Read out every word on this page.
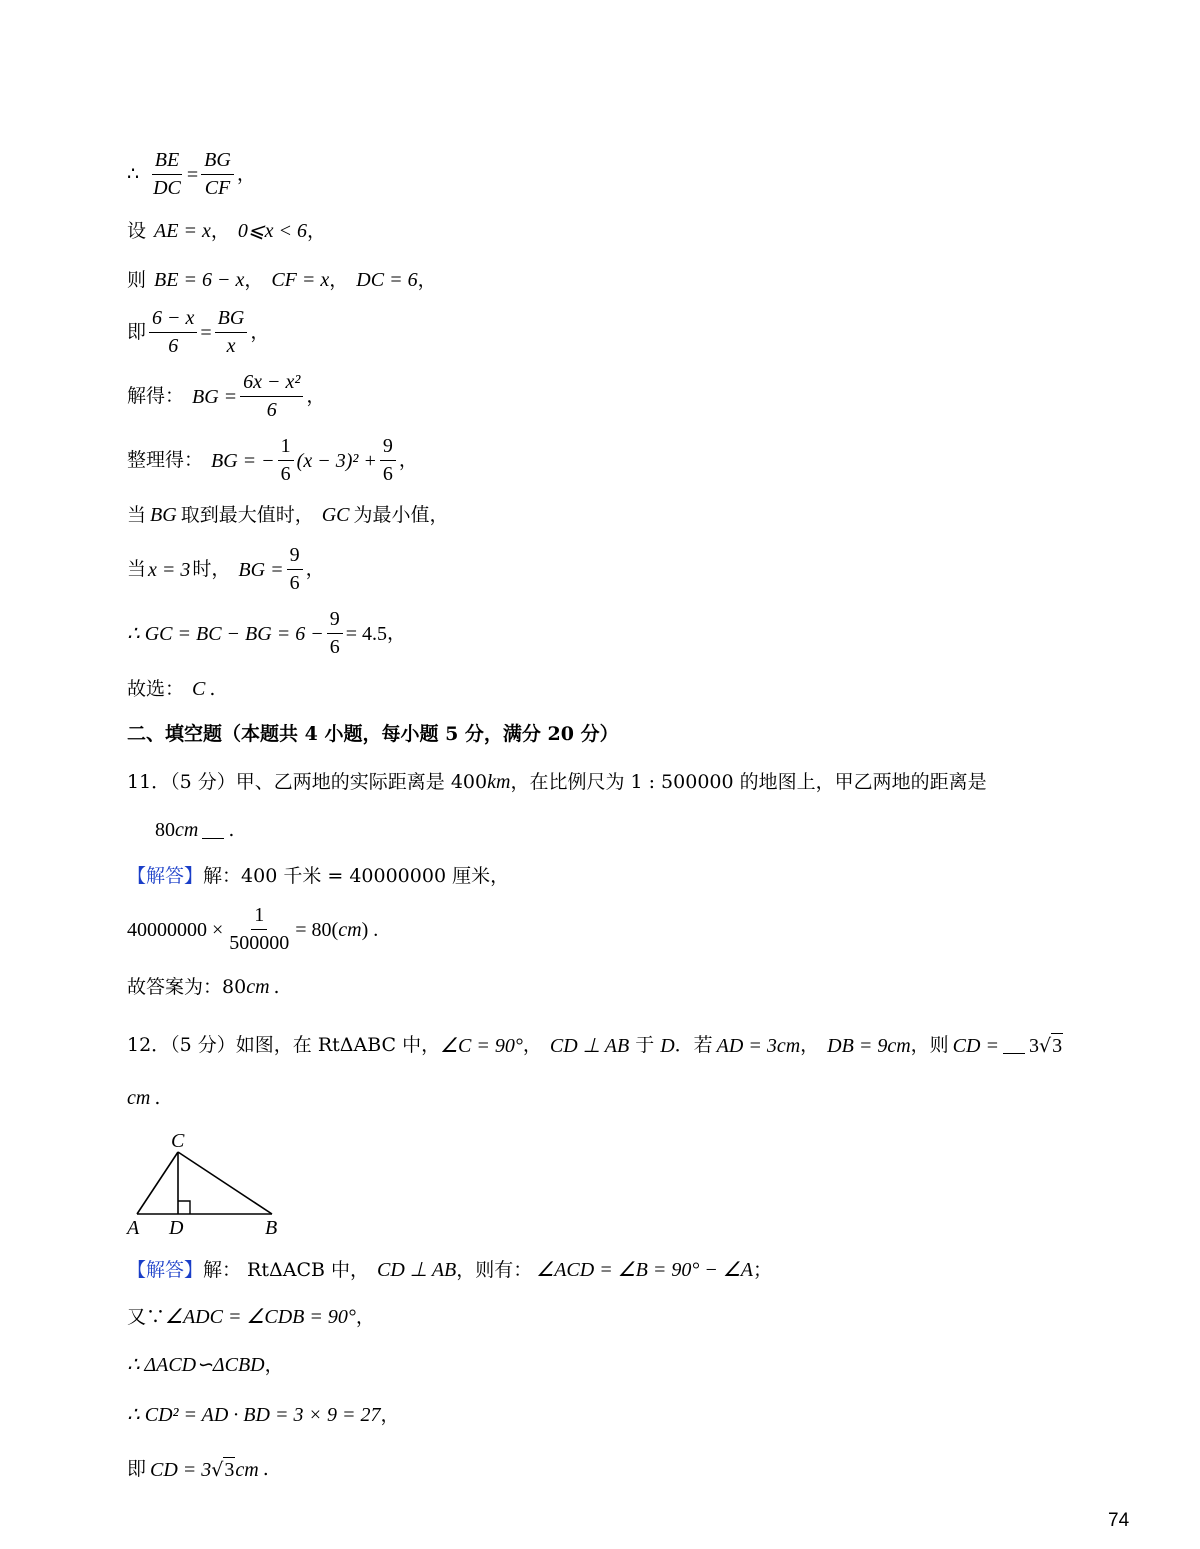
∴ $\frac{BE}{DC} = \frac{BG}{CF}$ ，
设 AE = x ， 0⩽x < 6 ，
则 BE = 6 − x ， CF = x ， DC = 6 ，
即 $\frac{6 - x}{6} = \frac{BG}{x}$ ，
解得： BG = $\frac{\text{6x − x²}}{6}$ ，
整理得： BG = − $\frac{1}{6} (x - 3)^2 + \frac{9}{6}$ ，
当 BG 取到最大值时， GC 为最小值，
当 x = 3 时， BG = $\frac{9}{6}$ ，
∴ GC = BC − BG = $6 - \frac{9}{6} = 4.5$ ，
故选： C .
二、填空题（本题共 4 小题，每小题 5 分，满分 20 分）
11．（5 分）甲、乙两地的实际距离是 400 km ，在比例尺为 1 : 500000 的地图上，甲乙两地的距离是
80 cm .
【解答】 解：400 千米 = 40000000 厘米，
$40000000 \times \frac{1}{500000} = 80$( cm ) .
故答案为：80 cm .
12．（5 分）如图，在 RtΔABC 中， ∠C = 90° ， CD ⊥ AB 于 D ．若 AD = 3cm ， DB = 9cm ，则 CD = 3 √ 3
cm .
C
A D	B
【解答】 解： RtΔACB 中， CD ⊥ AB ，则有： ∠ACD = ∠B = 90° − ∠A ；
又∵ ∠ADC = ∠CDB = 90° ，
∴ ΔACD∽ΔCBD ，
∴ CD² = AD · BD = 3 × 9 = 27 ，
即 CD = 3 √ 3 cm .
74
